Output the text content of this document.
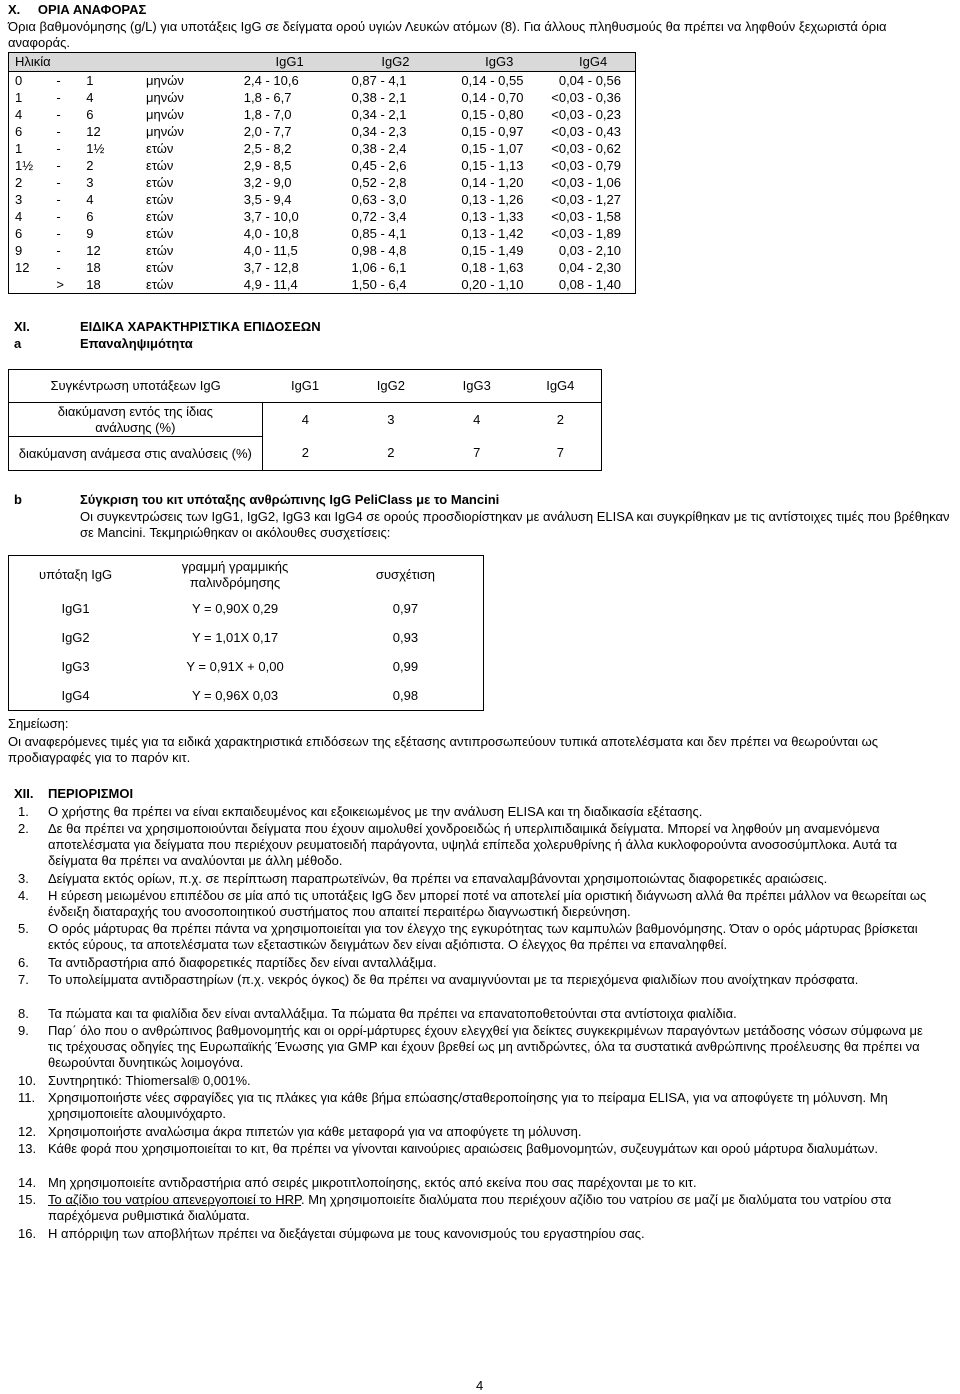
X. ΟΡΙΑ ΑΝΑΦΟΡΑΣ
Όρια βαθμονόμησης (g/L) για υποτάξεις IgG σε δείγματα ορού υγιών Λευκών ατόμων (8). Για άλλους πληθυσμούς θα πρέπει να ληφθούν ξεχωριστά όρια αναφοράς.
Ηλικία				IgG1	IgG2	IgG3	IgG4
0	-	1	μηνών	2,4 - 10,6	0,87 - 4,1	0,14 - 0,55	0,04 - 0,56
1	-	4	μηνών	1,8 - 6,7	0,38 - 2,1	0,14 - 0,70	<0,03 - 0,36
4	-	6	μηνών	1,8 - 7,0	0,34 - 2,1	0,15 - 0,80	<0,03 - 0,23
6	-	12	μηνών	2,0 - 7,7	0,34 - 2,3	0,15 - 0,97	<0,03 - 0,43
1	-	1½	ετών	2,5 - 8,2	0,38 - 2,4	0,15 - 1,07	<0,03 - 0,62
1½	-	2	ετών	2,9 - 8,5	0,45 - 2,6	0,15 - 1,13	<0,03 - 0,79
2	-	3	ετών	3,2 - 9,0	0,52 - 2,8	0,14 - 1,20	<0,03 - 1,06
3	-	4	ετών	3,5 - 9,4	0,63 - 3,0	0,13 - 1,26	<0,03 - 1,27
4	-	6	ετών	3,7 - 10,0	0,72 - 3,4	0,13 - 1,33	<0,03 - 1,58
6	-	9	ετών	4,0 - 10,8	0,85 - 4,1	0,13 - 1,42	<0,03 - 1,89
9	-	12	ετών	4,0 - 11,5	0,98 - 4,8	0,15 - 1,49	0,03 - 2,10
12	-	18	ετών	3,7 - 12,8	1,06 - 6,1	0,18 - 1,63	0,04 - 2,30
	>	18	ετών	4,9 - 11,4	1,50 - 6,4	0,20 - 1,10	0,08 - 1,40
XI.	ΕΙΔΙΚΑ ΧΑΡΑΚΤΗΡΙΣΤΙΚΑ ΕΠΙΔΟΣΕΩΝ
a	Επαναληψιμότητα
Συγκέντρωση υποτάξεων IgG	IgG1	IgG2	IgG3	IgG4
διακύμανση εντός της ίδιας ανάλυσης (%)	4	3	4	2
διακύμανση ανάμεσα στις αναλύσεις (%)	2	2	7	7
b	Σύγκριση του κιτ υπόταξης ανθρώπινης IgG PeliClass με το Mancini
Οι συγκεντρώσεις των IgG1, IgG2, IgG3 και IgG4 σε ορούς προσδιορίστηκαν με ανάλυση ELISA και συγκρίθηκαν με τις αντίστοιχες τιμές που βρέθηκαν σε Mancini. Τεκμηριώθηκαν οι ακόλουθες συσχετίσεις:
υπόταξη IgG	γραμμή γραμμικής παλινδρόμησης	συσχέτιση
IgG1	Y = 0,90X 0,29	0,97
IgG2	Y = 1,01X 0,17	0,93
IgG3	Y = 0,91X + 0,00	0,99
IgG4	Y = 0,96X 0,03	0,98
Σημείωση:
Οι αναφερόμενες τιμές για τα ειδικά χαρακτηριστικά επιδόσεων της εξέτασης αντιπροσωπεύουν τυπικά αποτελέσματα και δεν πρέπει να θεωρούνται ως προδιαγραφές για το παρόν κιτ.
XII. ΠΕΡΙΟΡΙΣΜΟΙ
1.	Ο χρήστης θα πρέπει να είναι εκπαιδευμένος και εξοικειωμένος με την ανάλυση ELISA και τη διαδικασία εξέτασης.
2.	Δε θα πρέπει να χρησιμοποιούνται δείγματα που έχουν αιμολυθεί χονδροειδώς ή υπερλιπιδαιμικά δείγματα. Μπορεί να ληφθούν μη αναμενόμενα αποτελέσματα για δείγματα που περιέχουν ρευματοειδή παράγοντα, υψηλά επίπεδα χολερυθρίνης ή άλλα κυκλοφορούντα ανοσοσύμπλοκα. Αυτά τα δείγματα θα πρέπει να αναλύονται με άλλη μέθοδο.
3.	Δείγματα εκτός ορίων, π.χ. σε περίπτωση παραπρωτεϊνών, θα πρέπει να επαναλαμβάνονται χρησιμοποιώντας διαφορετικές αραιώσεις.
4.	Η εύρεση μειωμένου επιπέδου σε μία από τις υποτάξεις IgG δεν μπορεί ποτέ να αποτελεί μία οριστική διάγνωση αλλά θα πρέπει μάλλον να θεωρείται ως ένδειξη διαταραχής του ανοσοποιητικού συστήματος που απαιτεί περαιτέρω διαγνωστική διερεύνηση.
5.	Ο ορός μάρτυρας θα πρέπει πάντα να χρησιμοποιείται για τον έλεγχο της εγκυρότητας των καμπυλών βαθμονόμησης. Όταν ο ορός μάρτυρας βρίσκεται εκτός εύρους, τα αποτελέσματα των εξεταστικών δειγμάτων δεν είναι αξιόπιστα. Ο έλεγχος θα πρέπει να επαναληφθεί.
6.	Τα αντιδραστήρια από διαφορετικές παρτίδες δεν είναι ανταλλάξιμα.
7.	Το υπολείμματα αντιδραστηρίων (π.χ. νεκρός όγκος) δε θα πρέπει να αναμιγνύονται με τα περιεχόμενα φιαλιδίων που ανοίχτηκαν πρόσφατα.
8.	Τα πώματα και τα φιαλίδια δεν είναι ανταλλάξιμα. Τα πώματα θα πρέπει να επανατοποθετούνται στα αντίστοιχα φιαλίδια.
9.	Παρ΄ όλο που ο ανθρώπινος βαθμονομητής και οι ορρί-μάρτυρες έχουν ελεγχθεί για δείκτες συγκεκριμένων παραγόντων μετάδοσης νόσων σύμφωνα με τις τρέχουσας οδηγίες της Ευρωπαϊκής Ένωσης για GMP και έχουν βρεθεί ως μη αντιδρώντες, όλα τα συστατικά ανθρώπινης προέλευσης θα πρέπει να θεωρούνται δυνητικώς λοιμογόνα.
10. Συντηρητικό: Thiomersal® 0,001%.
11. Χρησιμοποιήστε νέες σφραγίδες για τις πλάκες για κάθε βήμα επώασης/σταθεροποίησης για το πείραμα ELISA, για να αποφύγετε τη μόλυνση. Μη χρησιμοποιείτε αλουμινόχαρτο.
12. Χρησιμοποιήστε αναλώσιμα άκρα πιπετών για κάθε μεταφορά για να αποφύγετε τη μόλυνση.
13. Κάθε φορά που χρησιμοποιείται το κιτ, θα πρέπει να γίνονται καινούριες αραιώσεις βαθμονομητών, συζευγμάτων και ορού μάρτυρα διαλυμάτων.
14. Μη χρησιμοποιείτε αντιδραστήρια από σειρές μικροτιτλοποίησης, εκτός από εκείνα που σας παρέχονται με το κιτ.
15. Το αζίδιο του νατρίου απενεργοποιεί το HRP. Μη χρησιμοποιείτε διαλύματα που περιέχουν αζίδιο του νατρίου σε μαζί με διαλύματα του νατρίου στα παρέχόμενα ρυθμιστικά διαλύματα.
16. Η απόρριψη των αποβλήτων πρέπει να διεξάγεται σύμφωνα με τους κανονισμούς του εργαστηρίου σας.
4
